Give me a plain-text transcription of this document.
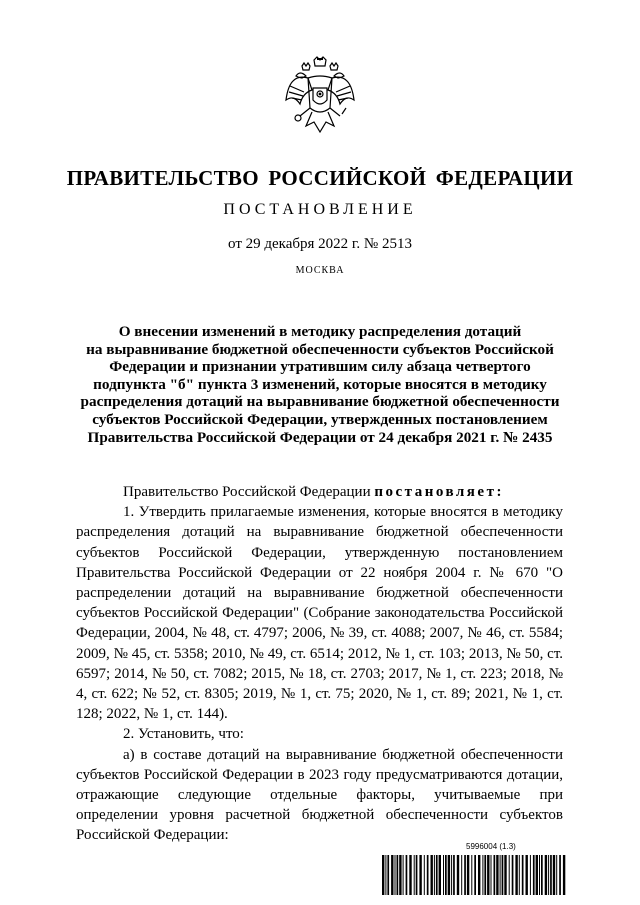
ПРАВИТЕЛЬСТВО РОССИЙСКОЙ ФЕДЕРАЦИИ
ПОСТАНОВЛЕНИЕ
от 29 декабря 2022 г. № 2513
МОСКВА
О внесении изменений в методику распределения дотаций
на выравнивание бюджетной обеспеченности субъектов Российской
Федерации и признании утратившим силу абзаца четвертого
подпункта "б" пункта 3 изменений, которые вносятся в методику
распределения дотаций на выравнивание бюджетной обеспеченности
субъектов Российской Федерации, утвержденных постановлением
Правительства Российской Федерации от 24 декабря 2021 г. № 2435

Правительство Российской Федерации постановляет:

1. Утвердить прилагаемые изменения, которые вносятся в методику распределения дотаций на выравнивание бюджетной обеспеченности субъектов Российской Федерации, утвержденную постановлением Правительства Российской Федерации от 22 ноября 2004 г. № 670 "О распределении дотаций на выравнивание бюджетной обеспеченности субъектов Российской Федерации" (Собрание законодательства Российской Федерации, 2004, № 48, ст. 4797; 2006, № 39, ст. 4088; 2007, № 46, ст. 5584; 2009, № 45, ст. 5358; 2010, № 49, ст. 6514; 2012, № 1, ст. 103; 2013, № 50, ст. 6597; 2014, № 50, ст. 7082; 2015, № 18, ст. 2703; 2017, № 1, ст. 223; 2018, № 4, ст. 622; № 52, ст. 8305; 2019, № 1, ст. 75; 2020, № 1, ст. 89; 2021, № 1, ст. 128; 2022, № 1, ст. 144).

2. Установить, что:

а) в составе дотаций на выравнивание бюджетной обеспеченности субъектов Российской Федерации в 2023 году предусматриваются дотации, отражающие следующие отдельные факторы, учитываемые при определении уровня расчетной бюджетной обеспеченности субъектов Российской Федерации:

5996004 (1.3)
